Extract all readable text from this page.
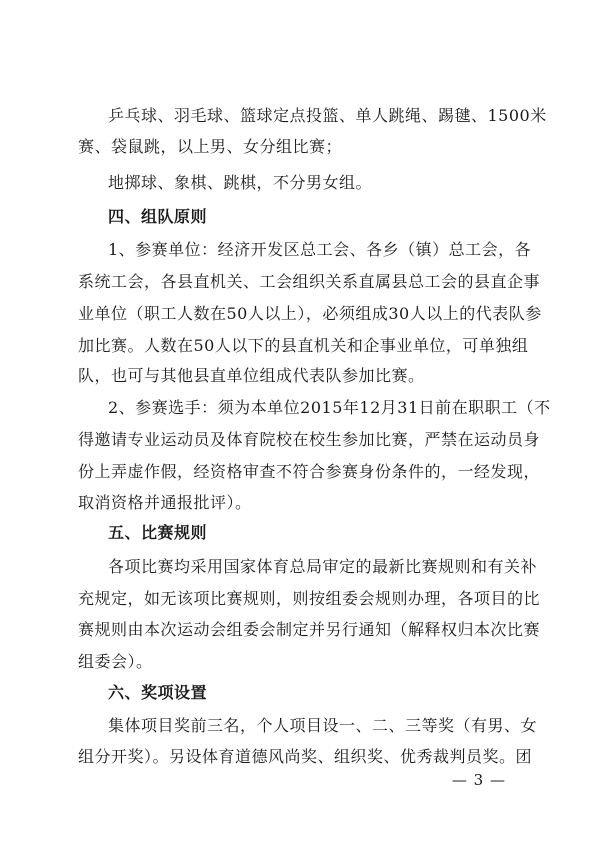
乒乓球、羽毛球、篮球定点投篮、单人跳绳、踢毽、1500米
赛、袋鼠跳，以上男、女分组比赛；
地掷球、象棋、跳棋，不分男女组。
四、组队原则
1、参赛单位：经济开发区总工会、各乡（镇）总工会，各
系统工会，各县直机关、工会组织关系直属县总工会的县直企事
业单位（职工人数在50人以上），必须组成30人以上的代表队参
加比赛。人数在50人以下的县直机关和企事业单位，可单独组
队，也可与其他县直单位组成代表队参加比赛。
2、参赛选手：须为本单位2015年12月31日前在职职工（不
得邀请专业运动员及体育院校在校生参加比赛，严禁在运动员身
份上弄虚作假，经资格审查不符合参赛身份条件的，一经发现，
取消资格并通报批评）。
五、比赛规则
各项比赛均采用国家体育总局审定的最新比赛规则和有关补
充规定，如无该项比赛规则，则按组委会规则办理，各项目的比
赛规则由本次运动会组委会制定并另行通知（解释权归本次比赛
组委会）。
六、奖项设置
集体项目奖前三名，个人项目设一、二、三等奖（有男、女
组分开奖）。另设体育道德风尚奖、组织奖、优秀裁判员奖。团
— 3 —
